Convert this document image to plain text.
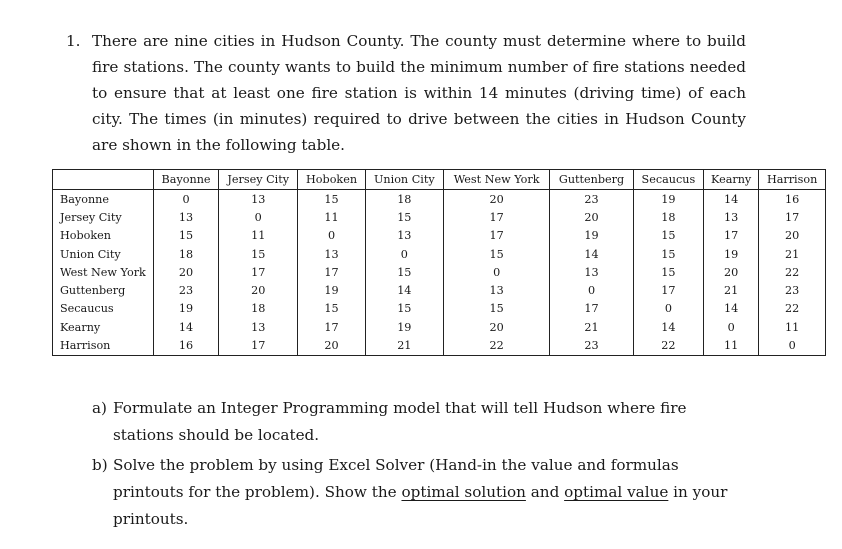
1. There are nine cities in Hudson County. The county must determine where to build fire stations. The county wants to build the minimum number of fire stations needed to ensure that at least one fire station is within 14 minutes (driving time) of each city. The times (in minutes) required to drive between the cities in Hudson County are shown in the following table.
	Bayonne	Jersey City	Hoboken	Union City	West New York	Guttenberg	Secaucus	Kearny	Harrison
Bayonne	0	13	15	18	20	23	19	14	16
Jersey City	13	0	11	15	17	20	18	13	17
Hoboken	15	11	0	13	17	19	15	17	20
Union City	18	15	13	0	15	14	15	19	21
West New York	20	17	17	15	0	13	15	20	22
Guttenberg	23	20	19	14	13	0	17	21	23
Secaucus	19	18	15	15	15	17	0	14	22
Kearny	14	13	17	19	20	21	14	0	11
Harrison	16	17	20	21	22	23	22	11	0
a) Formulate an Integer Programming model that will tell Hudson where fire stations should be located.
b) Solve the problem by using Excel Solver (Hand-in the value and formulas printouts for the problem). Show the optimal solution and optimal value in your printouts.
